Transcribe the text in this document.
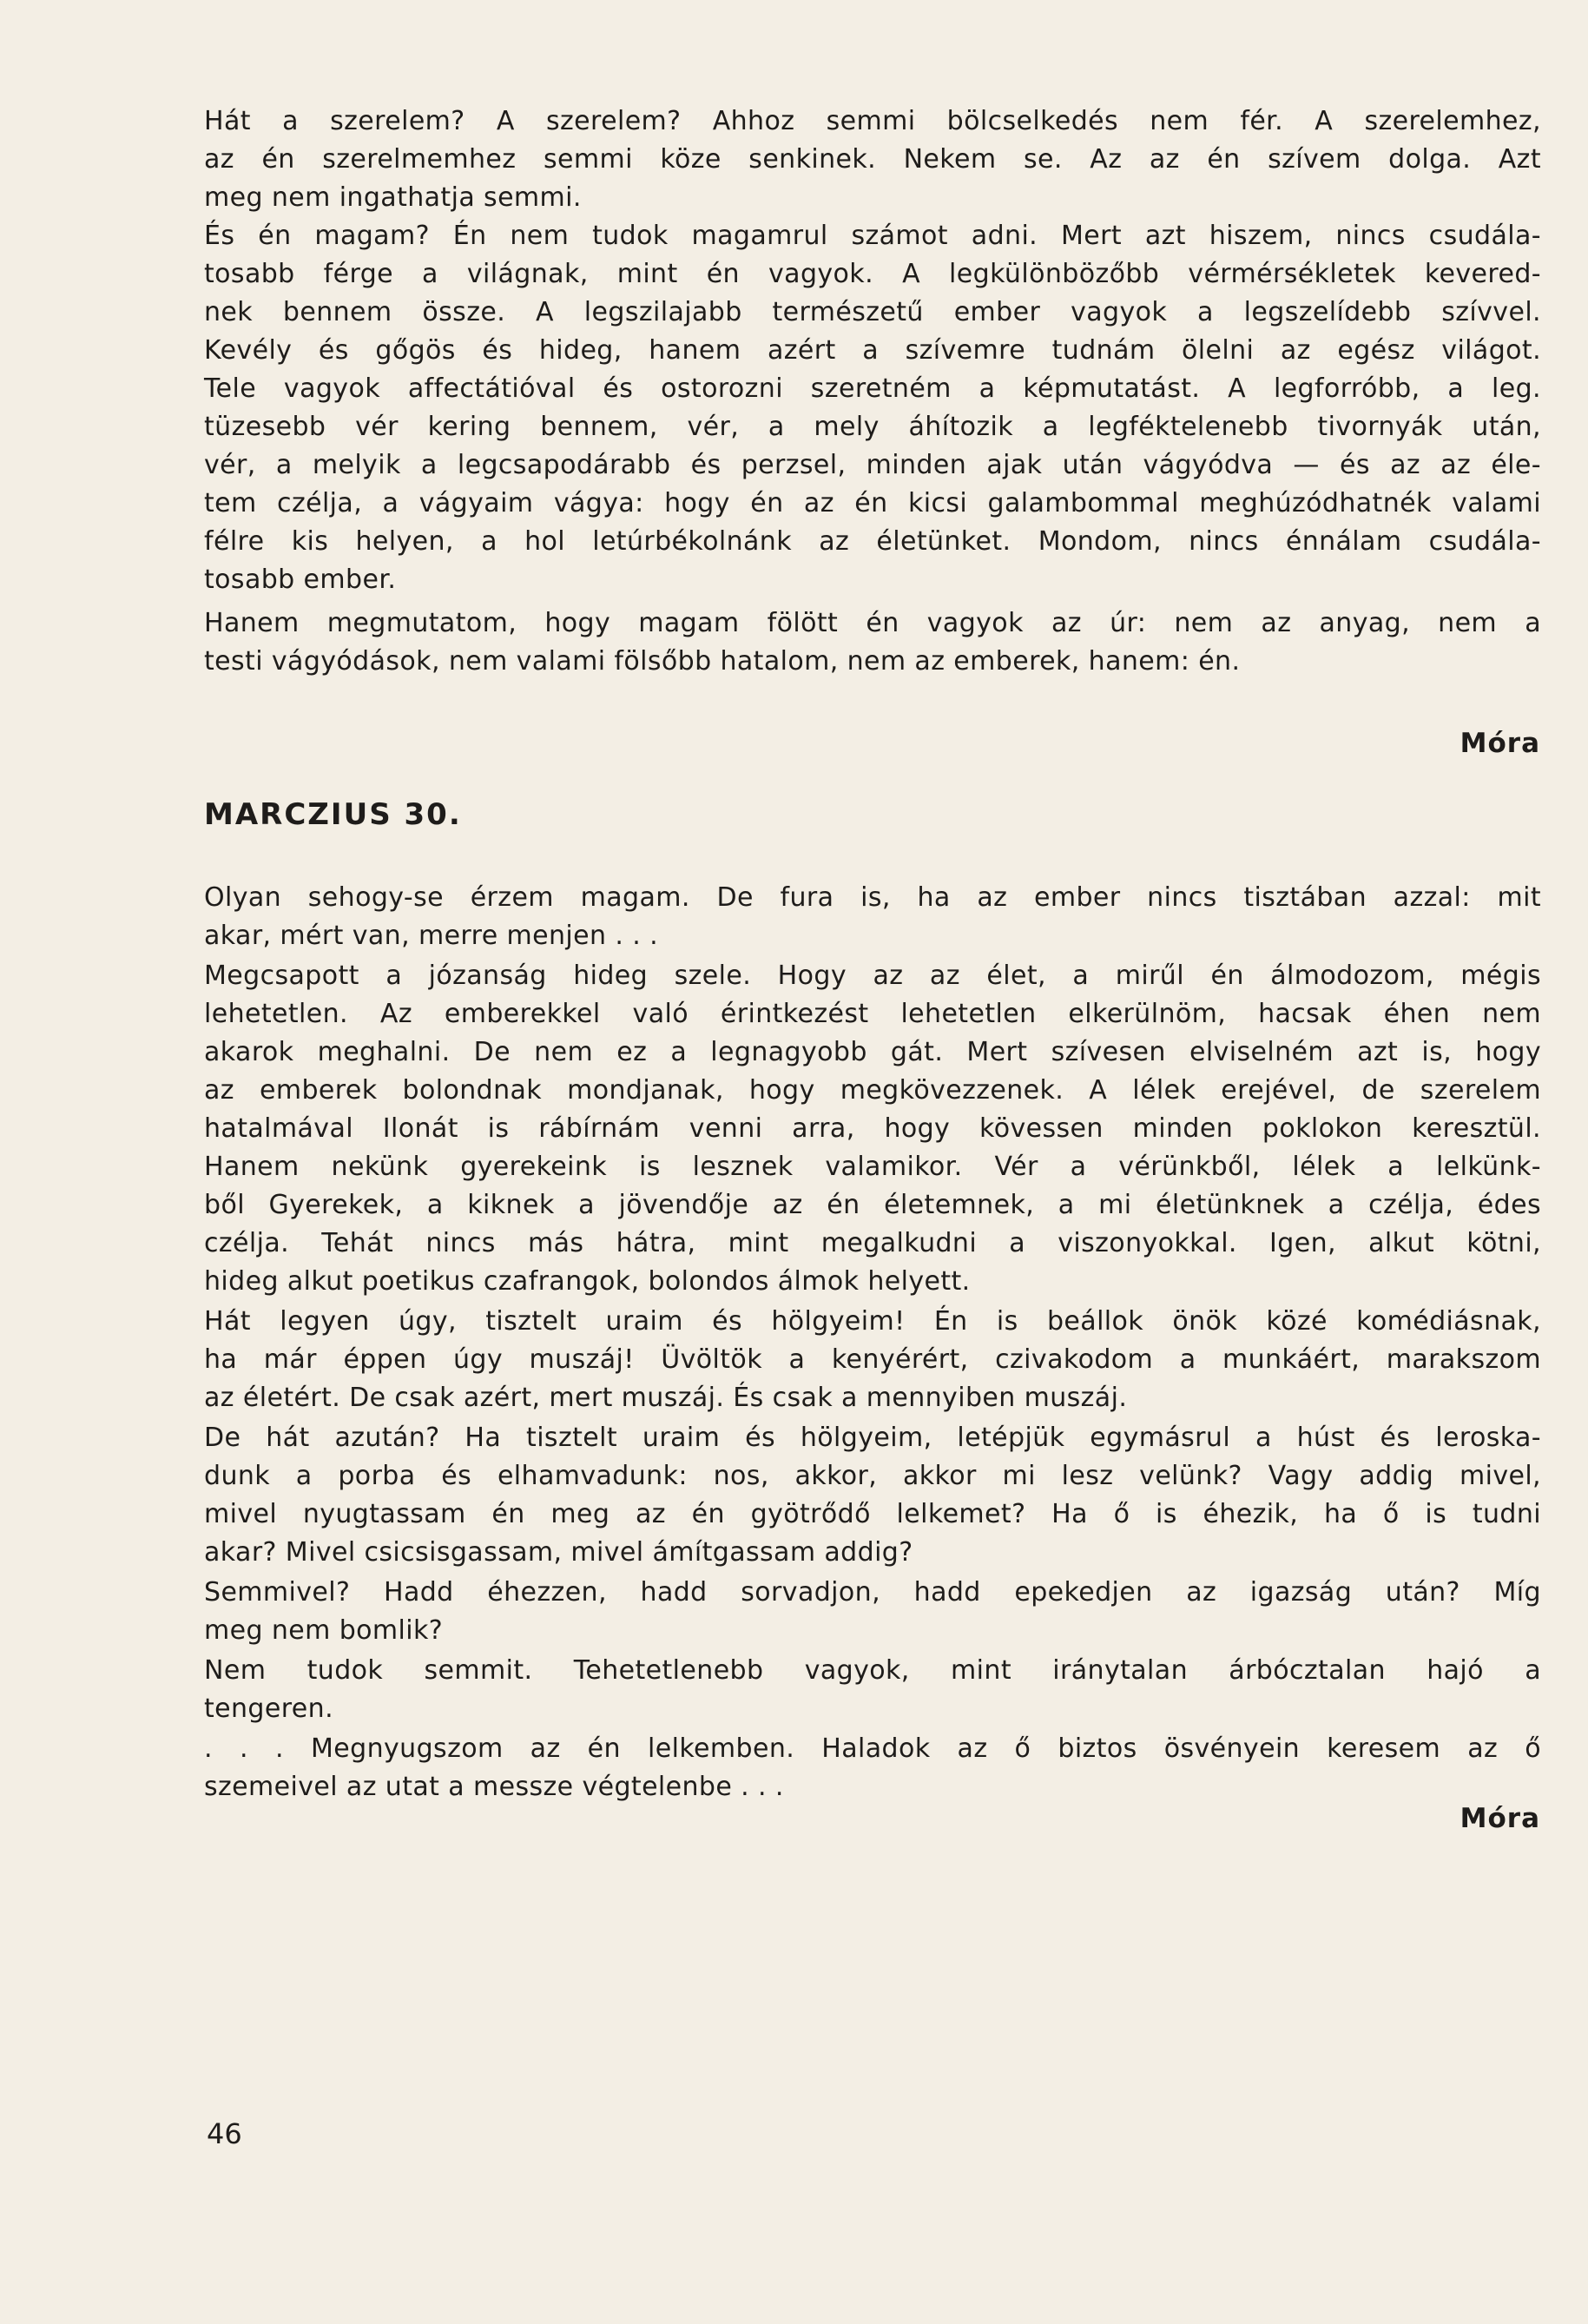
Hát a szerelem? A szerelem? Ahhoz semmi bölcselkedés nem fér. A szerelemhez,
az én szerelmemhez semmi köze senkinek. Nekem se. Az az én szívem dolga. Azt
meg nem ingathatja semmi.
És én magam? Én nem tudok magamrul számot adni. Mert azt hiszem, nincs csudála-
tosabb férge a világnak, mint én vagyok. A legkülönbözőbb vérmérsékletek kevered-
nek bennem össze. A legszilajabb természetű ember vagyok a legszelídebb szívvel.
Kevély és gőgös és hideg, hanem azért a szívemre tudnám ölelni az egész világot.
Tele vagyok affectátióval és ostorozni szeretném a képmutatást. A legforróbb, a leg.
tüzesebb vér kering bennem, vér, a mely áhítozik a legféktelenebb tivornyák után,
vér, a melyik a legcsapodárabb és perzsel, minden ajak után vágyódva — és az az éle-
tem czélja, a vágyaim vágya: hogy én az én kicsi galambommal meghúzódhatnék valami
félre kis helyen, a hol letúrbékolnánk az életünket. Mondom, nincs énnálam csudála-
tosabb ember.
Hanem megmutatom, hogy magam fölött én vagyok az úr: nem az anyag, nem a
testi vágyódások, nem valami fölsőbb hatalom, nem az emberek, hanem: én.
Móra
MARCZIUS 30.
Olyan sehogy-se érzem magam. De fura is, ha az ember nincs tisztában azzal: mit
akar, mért van, merre menjen . . .
Megcsapott a józanság hideg szele. Hogy az az élet, a mirűl én álmodozom, mégis
lehetetlen. Az emberekkel való érintkezést lehetetlen elkerülnöm, hacsak éhen nem
akarok meghalni. De nem ez a legnagyobb gát. Mert szívesen elviselném azt is, hogy
az emberek bolondnak mondjanak, hogy megkövezzenek. A lélek erejével, de szerelem
hatalmával Ilonát is rábírnám venni arra, hogy kövessen minden poklokon keresztül.
Hanem nekünk gyerekeink is lesznek valamikor. Vér a vérünkből, lélek a lelkünk-
ből Gyerekek, a kiknek a jövendője az én életemnek, a mi életünknek a czélja, édes
czélja. Tehát nincs más hátra, mint megalkudni a viszonyokkal. Igen, alkut kötni,
hideg alkut poetikus czafrangok, bolondos álmok helyett.
Hát legyen úgy, tisztelt uraim és hölgyeim! Én is beállok önök közé komédiásnak,
ha már éppen úgy muszáj! Üvöltök a kenyérért, czivakodom a munkáért, marakszom
az életért. De csak azért, mert muszáj. És csak a mennyiben muszáj.
De hát azután? Ha tisztelt uraim és hölgyeim, letépjük egymásrul a húst és leroska-
dunk a porba és elhamvadunk: nos, akkor, akkor mi lesz velünk? Vagy addig mivel,
mivel nyugtassam én meg az én gyötrődő lelkemet? Ha ő is éhezik, ha ő is tudni
akar? Mivel csicsisgassam, mivel ámítgassam addig?
Semmivel? Hadd éhezzen, hadd sorvadjon, hadd epekedjen az igazság után? Míg
meg nem bomlik?
Nem tudok semmit. Tehetetlenebb vagyok, mint iránytalan árbócztalan hajó a
tengeren.
. . . Megnyugszom az én lelkemben. Haladok az ő biztos ösvényein keresem az ő
szemeivel az utat a messze végtelenbe . . .
Móra
46
